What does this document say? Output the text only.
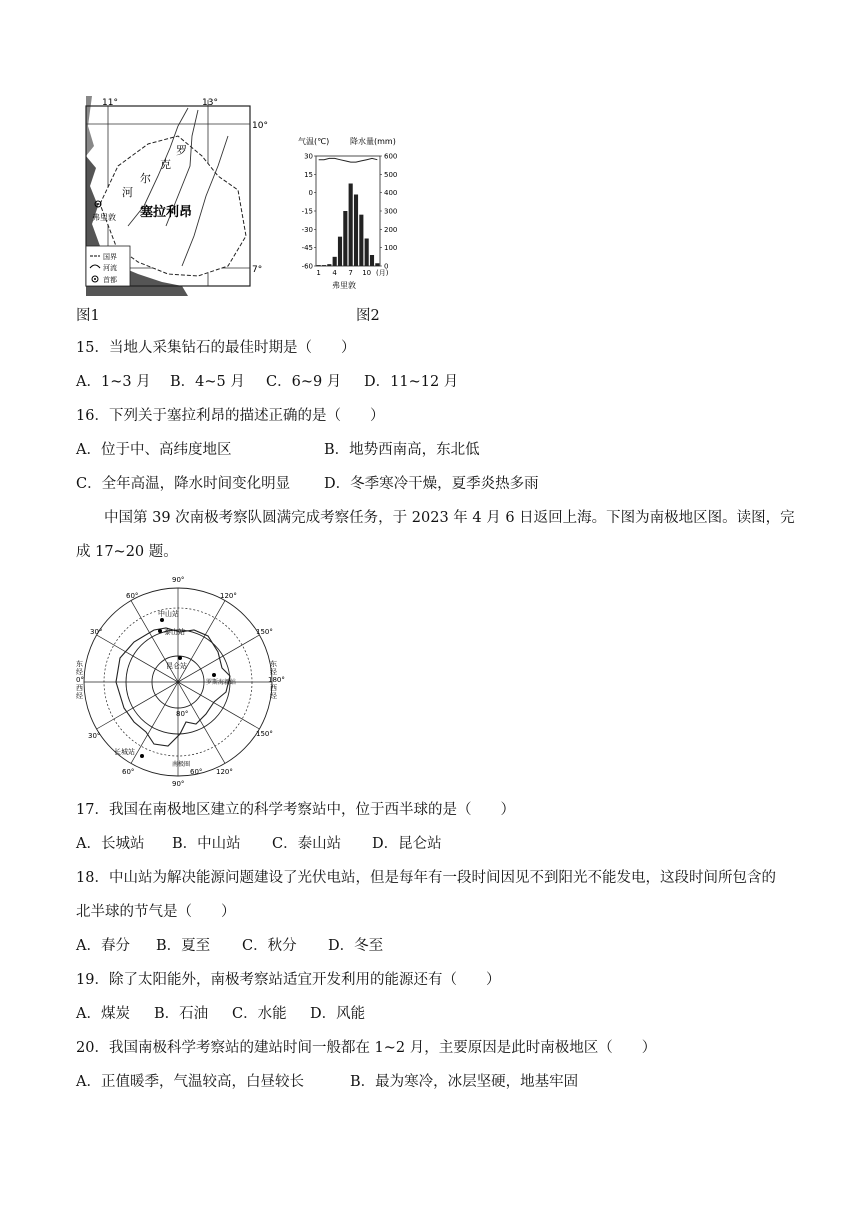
11°	13°
10°
7°
罗
克
尔
河
塞拉利昂
弗里敦
国界
河流
首都
气温(℃)	降水量(mm)
30
15
0
-15
-30
-45
-60
600
500
400
300
200
100
0
1 4 7 10 (月)
弗里敦
图1	图2
15．当地人采集钻石的最佳时期是（　　）
A．1~3 月 B．4~5 月 C．6~9 月 D．11~12 月
16．下列关于塞拉利昂的描述正确的是（　　）
A．位于中、高纬度地区	B．地势西南高，东北低
C．全年高温，降水时间变化明显 D．冬季寒冷干燥，夏季炎热多雨
中国第 39 次南极考察队圆满完成考察任务，于 2023 年 4 月 6 日返回上海。下图为南极地区图。读图，完
成 17~20 题。
90°
60°	120°
30°	150°
30°	150°
60°	60° 120°
90°
东
经
0°
西
经
东
经
180°
西
经
80°
中山站
泰山站
昆仑站
罗斯海新站
长城站
南极圈
17．我国在南极地区建立的科学考察站中，位于西半球的是（　　）
A．长城站 B．中山站 C．泰山站 D．昆仑站
18．中山站为解决能源问题建设了光伏电站，但是每年有一段时间因见不到阳光不能发电，这段时间所包含的
北半球的节气是（　　）
A．春分 B．夏至 C．秋分 D．冬至
19．除了太阳能外，南极考察站适宜开发利用的能源还有（　　）
A．煤炭 B．石油 C．水能 D．风能
20．我国南极科学考察站的建站时间一般都在 1~2 月，主要原因是此时南极地区（　　）
A．正值暖季，气温较高，白昼较长	B．最为寒冷，冰层坚硬，地基牢固
